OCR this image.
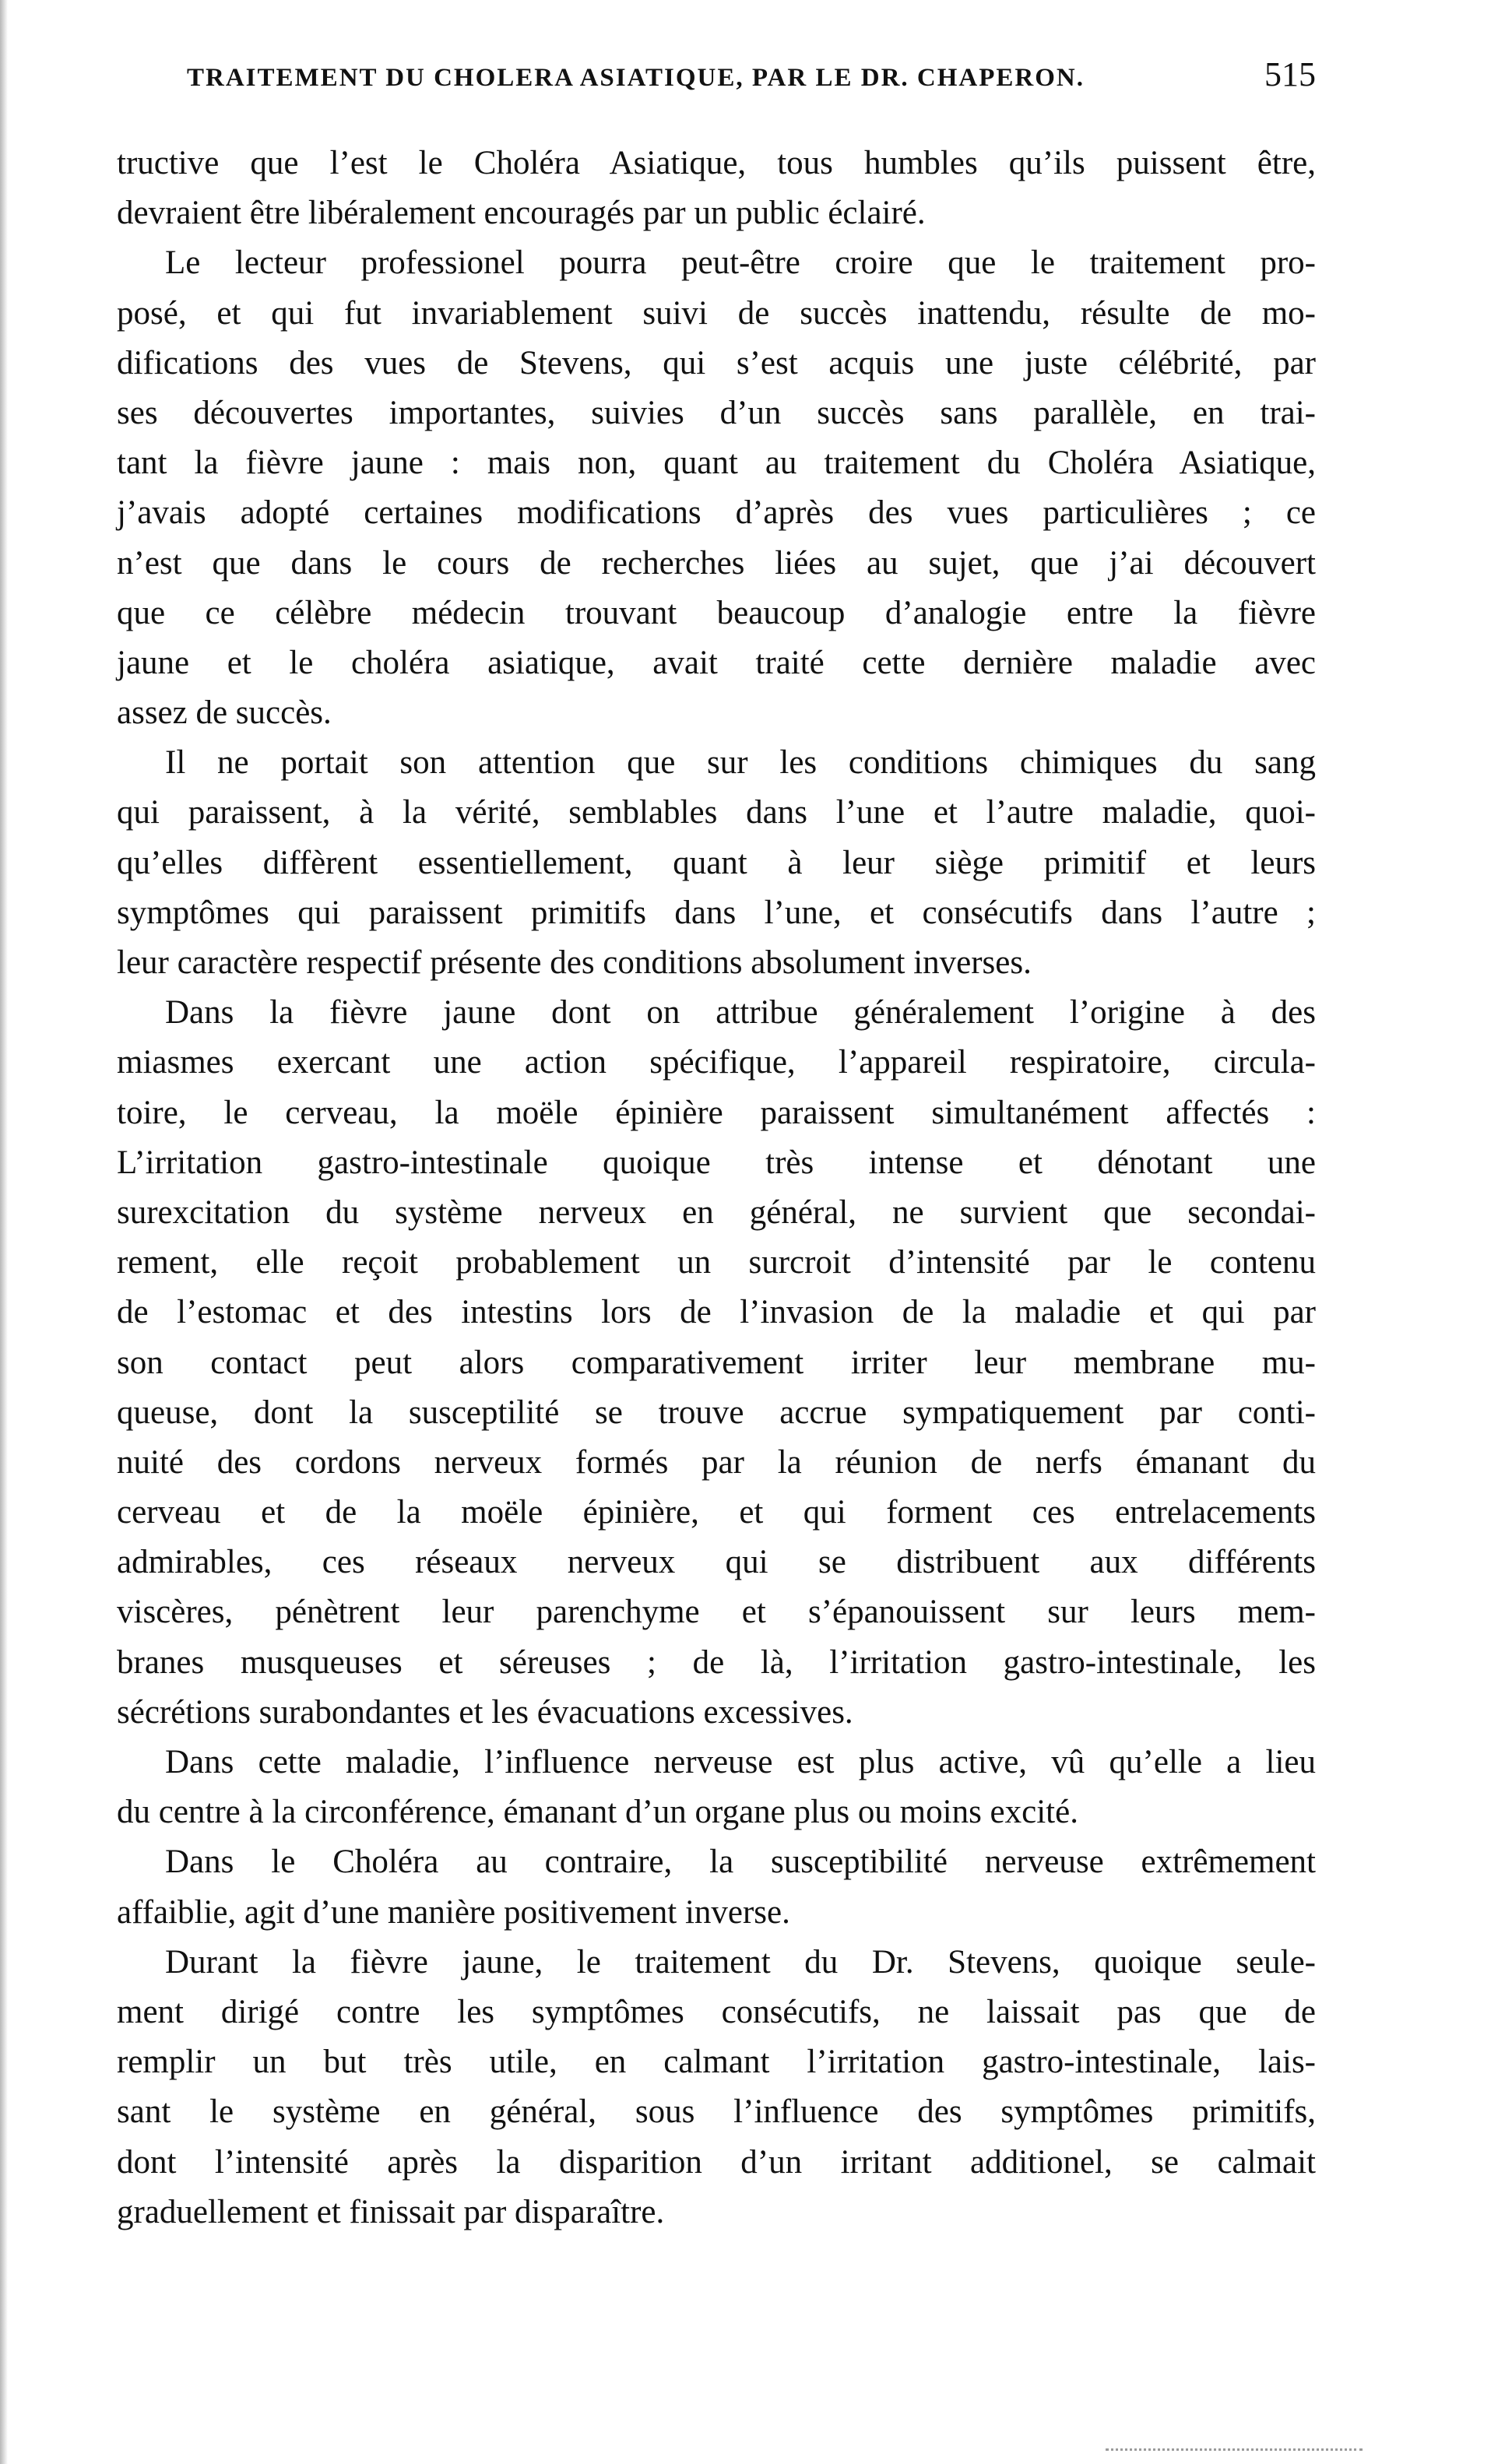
TRAITEMENT DU CHOLERA ASIATIQUE, PAR LE DR. CHAPERON.	515
tructive que l’est le Choléra Asiatique, tous humbles qu’ils puissent être,
devraient être libéralement encouragés par un public éclairé.
Le lecteur professionel pourra peut-être croire que le traitement pro-
posé, et qui fut invariablement suivi de succès inattendu, résulte de mo-
difications des vues de Stevens, qui s’est acquis une juste célébrité, par
ses découvertes importantes, suivies d’un succès sans parallèle, en trai-
tant la fièvre jaune : mais non, quant au traitement du Choléra Asiatique,
j’avais adopté certaines modifications d’après des vues particulières ; ce
n’est que dans le cours de recherches liées au sujet, que j’ai découvert
que ce célèbre médecin trouvant beaucoup d’analogie entre la fièvre
jaune et le choléra asiatique, avait traité cette dernière maladie avec
assez de succès.
Il ne portait son attention que sur les conditions chimiques du sang
qui paraissent, à la vérité, semblables dans l’une et l’autre maladie, quoi-
qu’elles diffèrent essentiellement, quant à leur siège primitif et leurs
symptômes qui paraissent primitifs dans l’une, et consécutifs dans l’autre ;
leur caractère respectif présente des conditions absolument inverses.
Dans la fièvre jaune dont on attribue généralement l’origine à des
miasmes exercant une action spécifique, l’appareil respiratoire, circula-
toire, le cerveau, la moële épinière paraissent simultanément affectés :
L’irritation gastro-intestinale quoique très intense et dénotant une
surexcitation du système nerveux en général, ne survient que secondai-
rement, elle reçoit probablement un surcroit d’intensité par le contenu
de l’estomac et des intestins lors de l’invasion de la maladie et qui par
son contact peut alors comparativement irriter leur membrane mu-
queuse, dont la susceptilité se trouve accrue sympatiquement par conti-
nuité des cordons nerveux formés par la réunion de nerfs émanant du
cerveau et de la moële épinière, et qui forment ces entrelacements
admirables, ces réseaux nerveux qui se distribuent aux différents
viscères, pénètrent leur parenchyme et s’épanouissent sur leurs mem-
branes musqueuses et séreuses ; de là, l’irritation gastro-intestinale, les
sécrétions surabondantes et les évacuations excessives.
Dans cette maladie, l’influence nerveuse est plus active, vû qu’elle a lieu
du centre à la circonférence, émanant d’un organe plus ou moins excité.
Dans le Choléra au contraire, la susceptibilité nerveuse extrêmement
affaiblie, agit d’une manière positivement inverse.
Durant la fièvre jaune, le traitement du Dr. Stevens, quoique seule-
ment dirigé contre les symptômes consécutifs, ne laissait pas que de
remplir un but très utile, en calmant l’irritation gastro-intestinale, lais-
sant le système en général, sous l’influence des symptômes primitifs,
dont l’intensité après la disparition d’un irritant additionel, se calmait
graduellement et finissait par disparaître.
